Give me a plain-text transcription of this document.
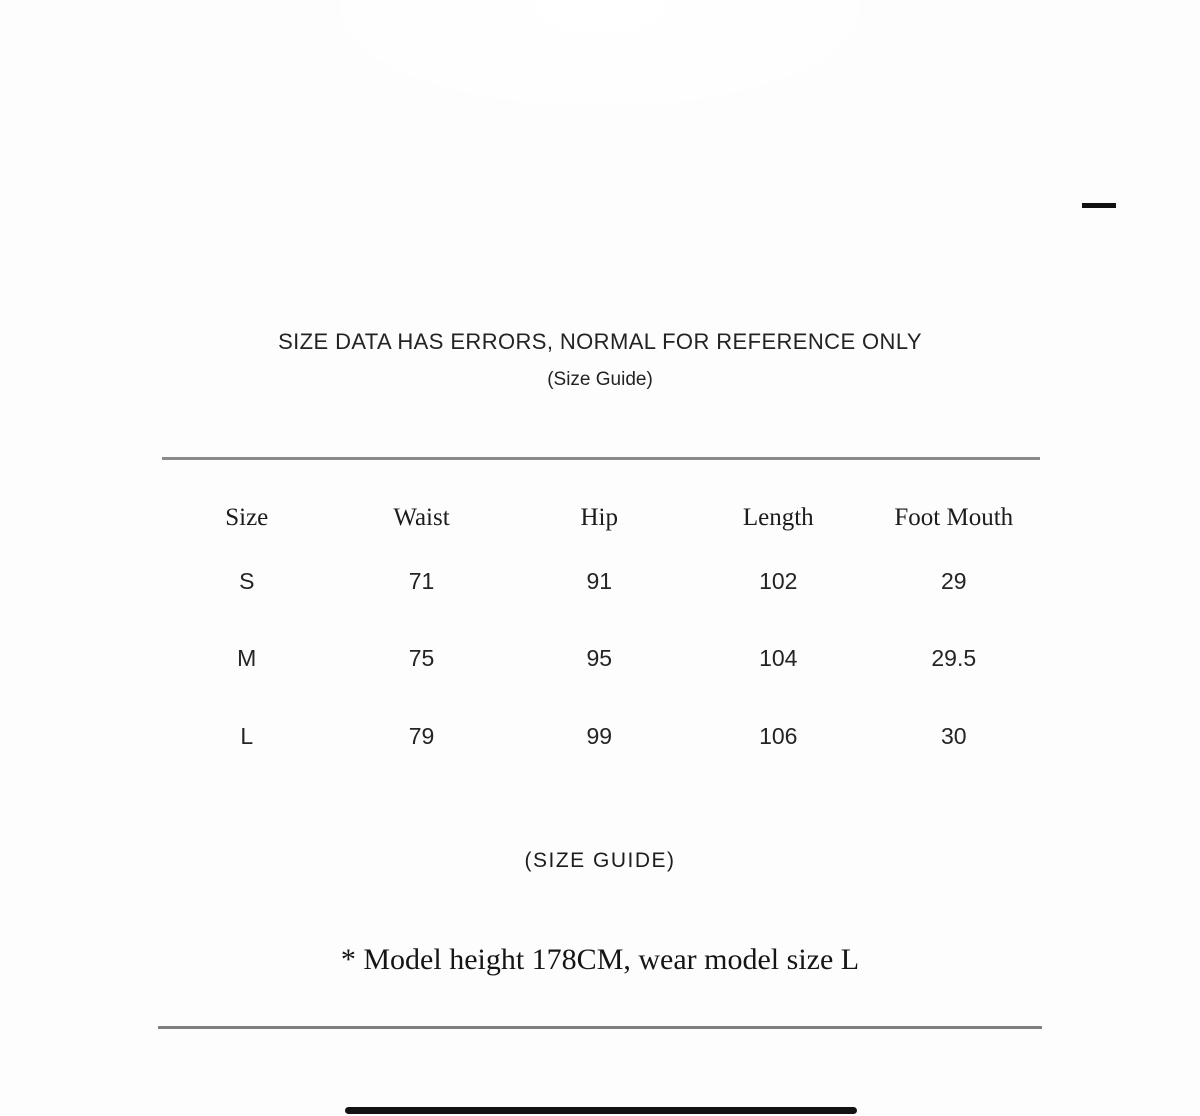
SIZE DATA HAS ERRORS, NORMAL FOR REFERENCE ONLY
(Size Guide)
Size	Waist	Hip	Length	Foot Mouth
S	71	91	102	29
M	75	95	104	29.5
L	79	99	106	30
(SIZE GUIDE)
* Model height 178CM, wear model size L
